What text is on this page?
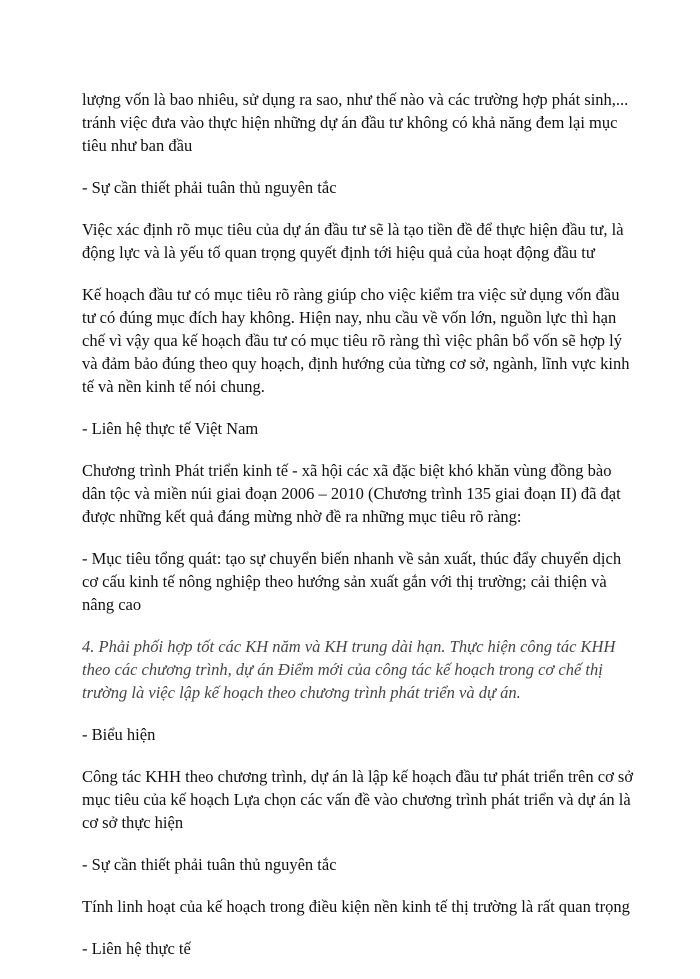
lượng vốn là bao nhiêu, sử dụng ra sao, như thế nào và các trường hợp phát sinh,...
tránh việc đưa vào thực hiện những dự án đầu tư không có khả năng đem lại mục
tiêu như ban đầu
- Sự cần thiết phải tuân thủ nguyên tắc
Việc xác định rõ mục tiêu của dự án đầu tư sẽ là tạo tiền đề để thực hiện đầu tư, là
động lực và là yếu tố quan trọng quyết định tới hiệu quả của hoạt động đầu tư
Kế hoạch đầu tư có mục tiêu rõ ràng giúp cho việc kiểm tra việc sử dụng vốn đầu
tư có đúng mục đích hay không. Hiện nay, nhu cầu về vốn lớn, nguồn lực thì hạn
chế vì vậy qua kế hoạch đầu tư có mục tiêu rõ ràng thì việc phân bổ vốn sẽ hợp lý
và đảm bảo đúng theo quy hoạch, định hướng của từng cơ sở, ngành, lĩnh vực kinh
tế và nền kinh tế nói chung.
- Liên hệ thực tế Việt Nam
Chương trình Phát triển kinh tế - xã hội các xã đặc biệt khó khăn vùng đồng bào
dân tộc và miền núi giai đoạn 2006 – 2010 (Chương trình 135 giai đoạn II) đã đạt
được những kết quả đáng mừng nhờ đề ra những mục tiêu rõ ràng:
- Mục tiêu tổng quát: tạo sự chuyển biến nhanh về sản xuất, thúc đẩy chuyển dịch
cơ cấu kinh tế nông nghiệp theo hướng sản xuất gắn với thị trường; cải thiện và
nâng cao
4. Phải phối hợp tốt các KH năm và KH trung dài hạn. Thực hiện công tác KHH
theo các chương trình, dự án Điểm mới của công tác kế hoạch trong cơ chế thị
trường là việc lập kế hoạch theo chương trình phát triển và dự án.
- Biểu hiện
Công tác KHH theo chương trình, dự án là lập kế hoạch đầu tư phát triển trên cơ sở
mục tiêu của kế hoạch Lựa chọn các vấn đề vào chương trình phát triển và dự án là
cơ sở thực hiện
- Sự cần thiết phải tuân thủ nguyên tắc
Tính linh hoạt của kế hoạch trong điều kiện nền kinh tế thị trường là rất quan trọng
- Liên hệ thực tế
